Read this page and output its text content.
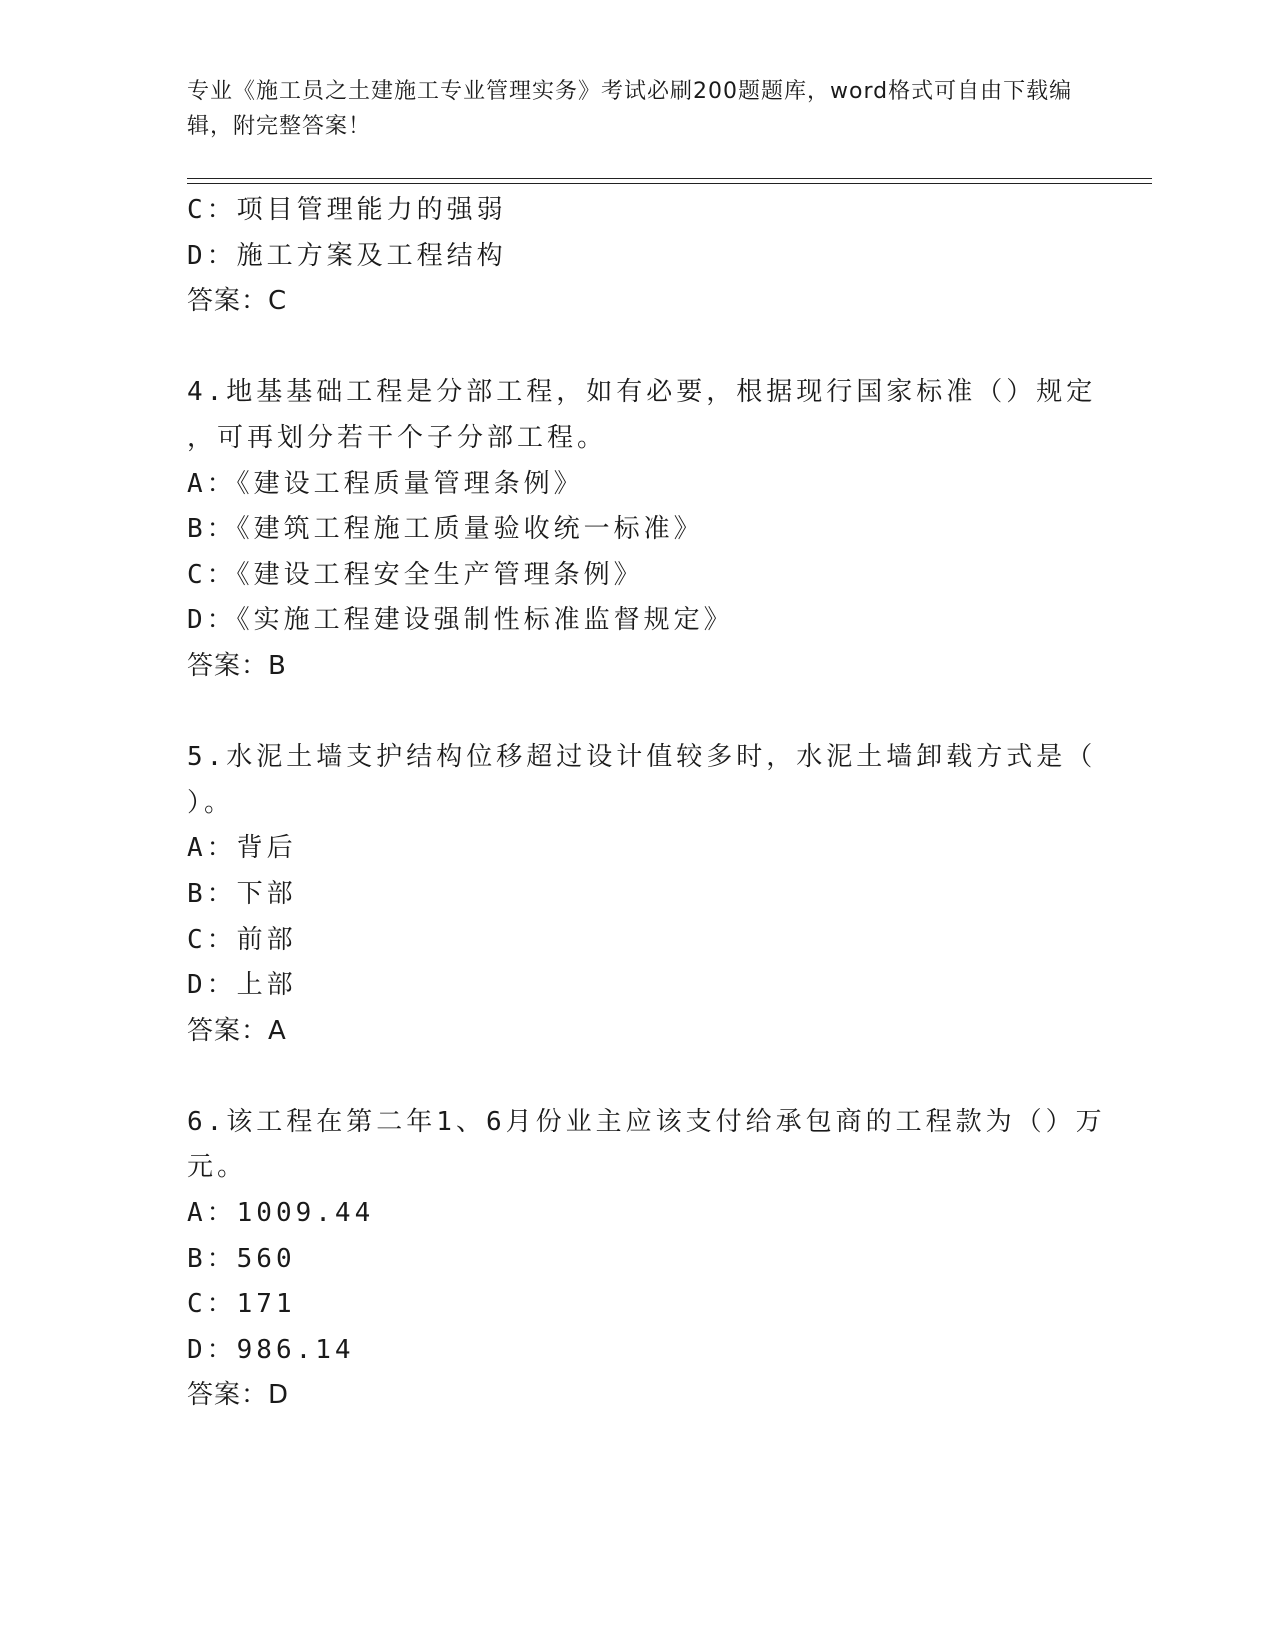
专业《施工员之土建施工专业管理实务》考试必刷200题题库，word格式可自由下载编辑，附完整答案！
C：项目管理能力的强弱
D：施工方案及工程结构
答案：C
4.地基基础工程是分部工程，如有必要，根据现行国家标准（）规定
，可再划分若干个子分部工程。
A：《建设工程质量管理条例》
B：《建筑工程施工质量验收统一标准》
C：《建设工程安全生产管理条例》
D：《实施工程建设强制性标准监督规定》
答案：B
5.水泥土墙支护结构位移超过设计值较多时，水泥土墙卸载方式是（
）。
A：背后
B：下部
C：前部
D：上部
答案：A
6.该工程在第二年1、6月份业主应该支付给承包商的工程款为（）万
元。
A：1009.44
B：560
C：171
D：986.14
答案：D
